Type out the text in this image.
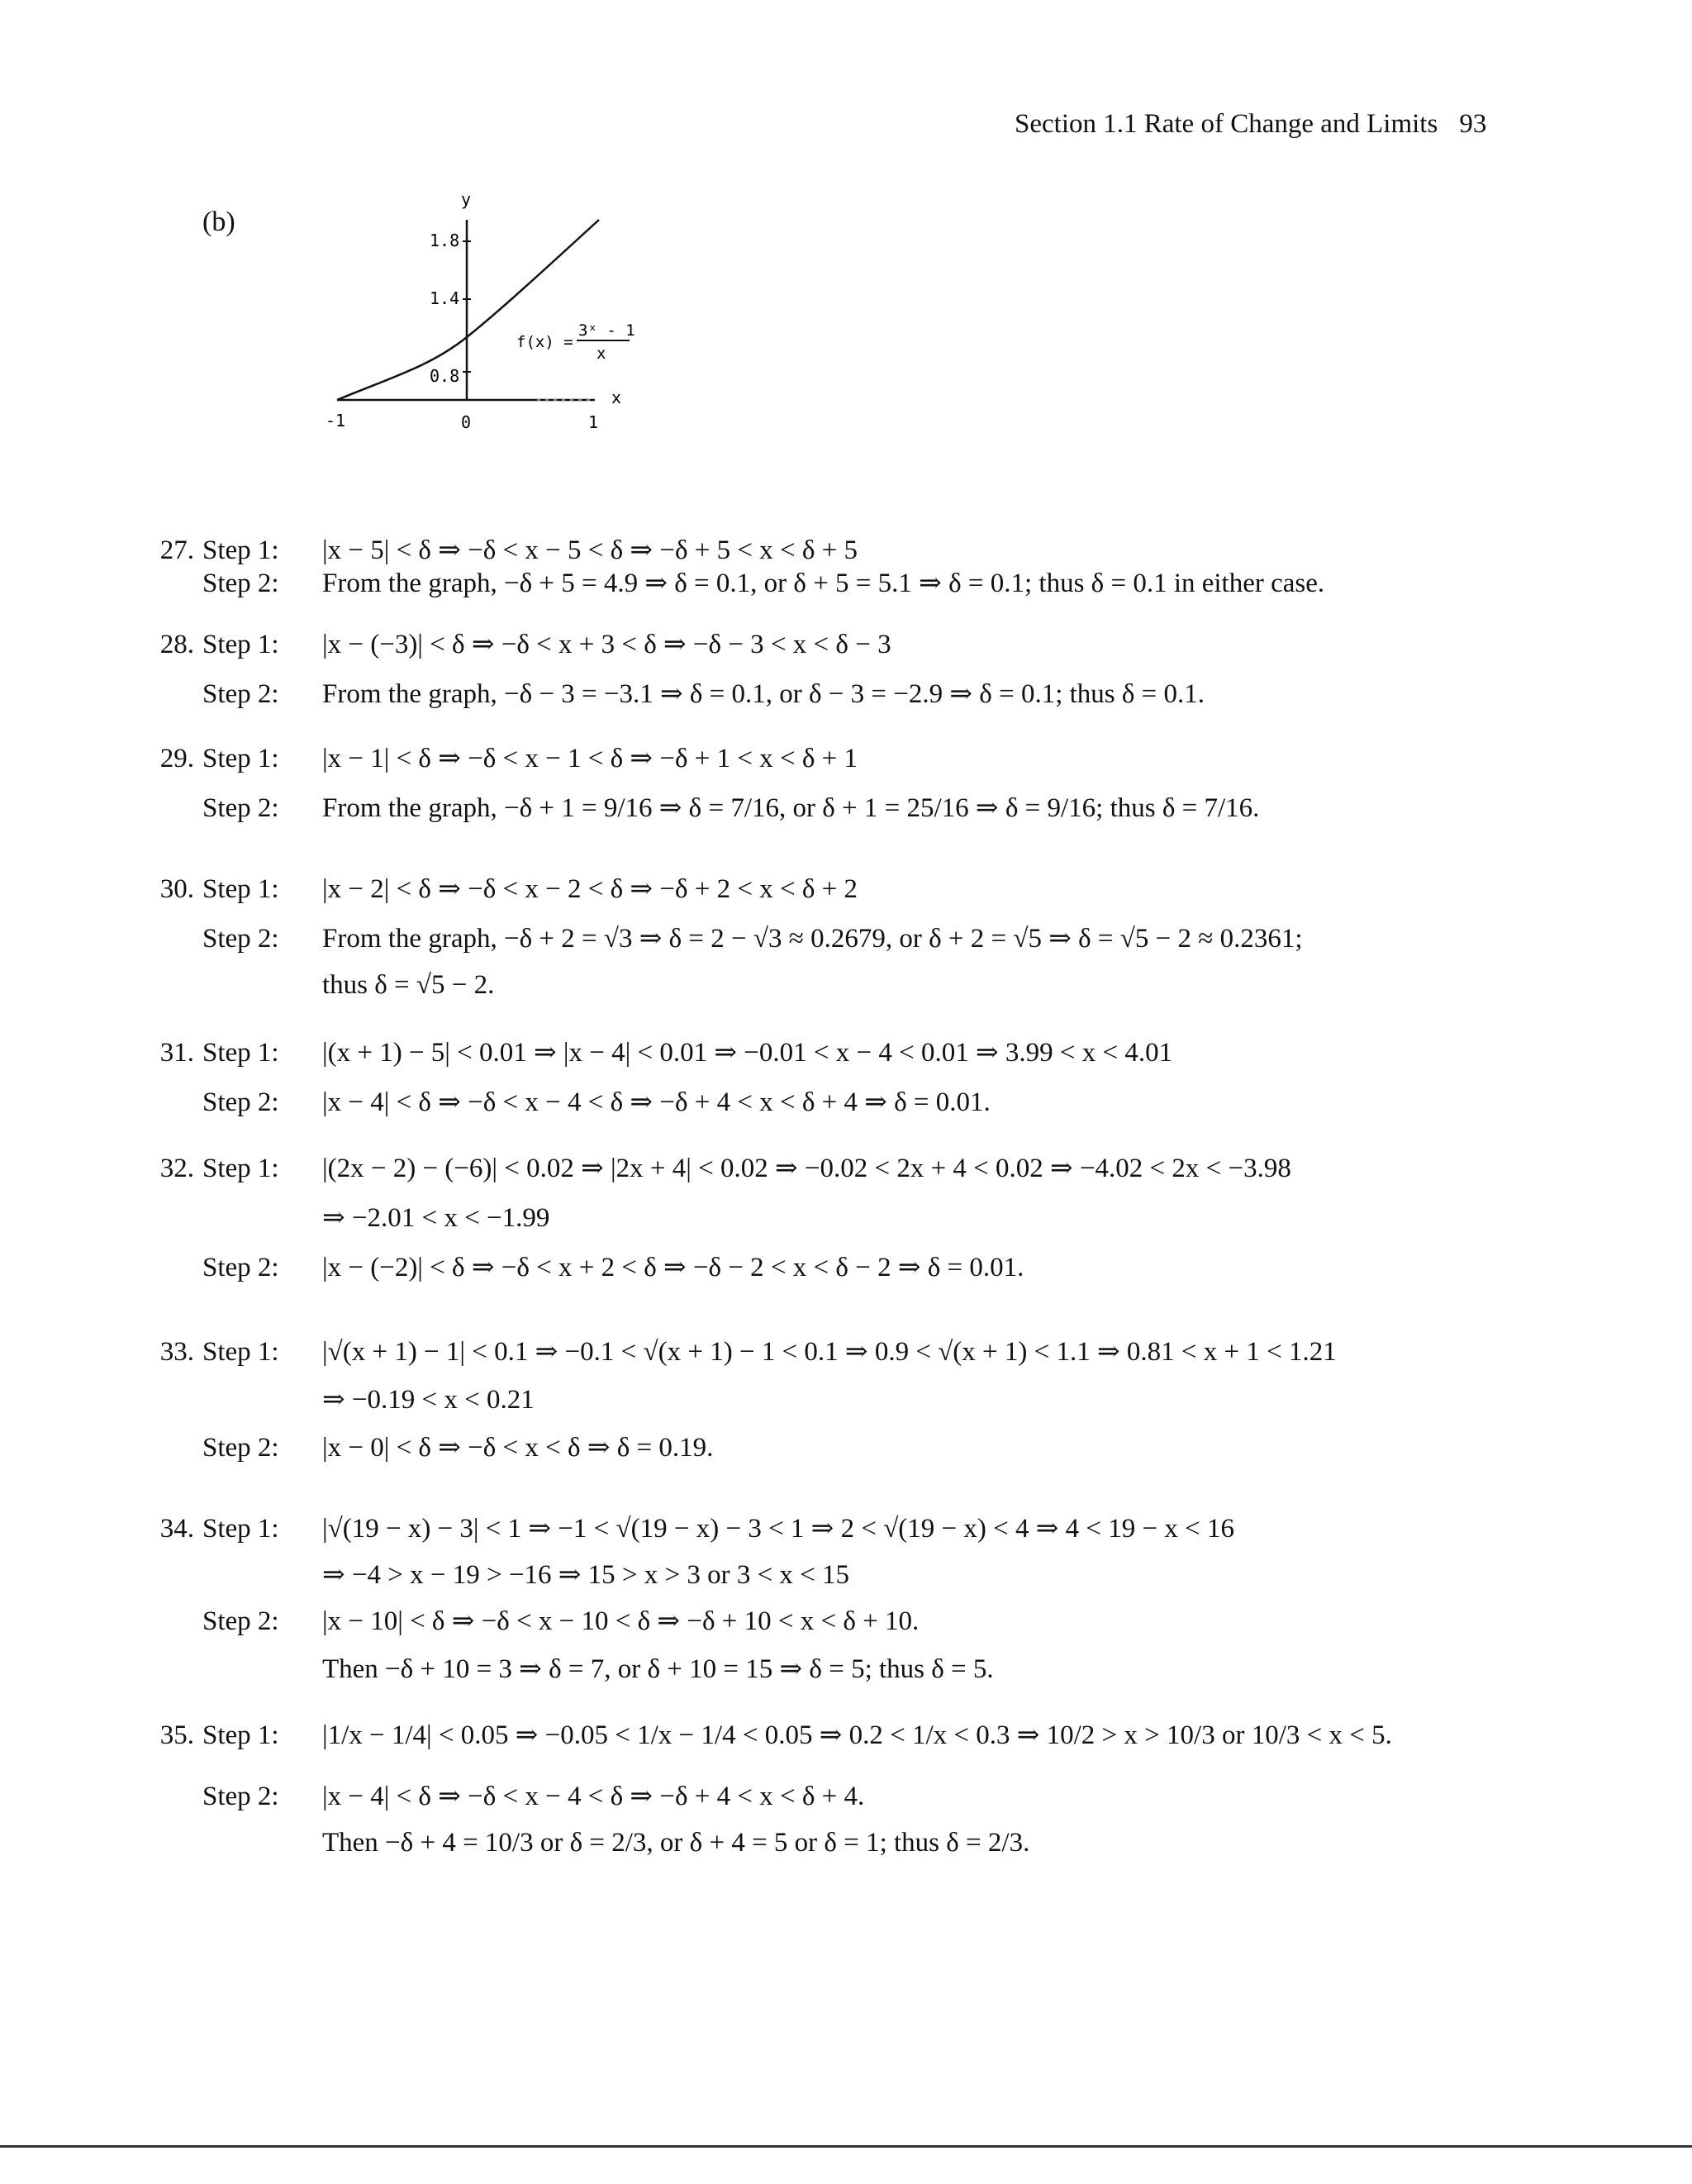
Section 1.1 Rate of Change and Limits 93
(b)
y
1.8
1.4
0.8
x
-1	0	1
f(x) =
3ˣ - 1
x
27. Step 1: |x − 5| < δ ⇒ −δ < x − 5 < δ ⇒ −δ + 5 < x < δ + 5
Step 2: From the graph, −δ + 5 = 4.9 ⇒ δ = 0.1, or δ + 5 = 5.1 ⇒ δ = 0.1; thus δ = 0.1 in either case.
28. Step 1: |x − (−3)| < δ ⇒ −δ < x + 3 < δ ⇒ −δ − 3 < x < δ − 3
Step 2: From the graph, −δ − 3 = −3.1 ⇒ δ = 0.1, or δ − 3 = −2.9 ⇒ δ = 0.1; thus δ = 0.1.
29. Step 1: |x − 1| < δ ⇒ −δ < x − 1 < δ ⇒ −δ + 1 < x < δ + 1
Step 2: From the graph, −δ + 1 = 9/16 ⇒ δ = 7/16, or δ + 1 = 25/16 ⇒ δ = 9/16; thus δ = 7/16.
30. Step 1: |x − 2| < δ ⇒ −δ < x − 2 < δ ⇒ −δ + 2 < x < δ + 2
Step 2: From the graph, −δ + 2 = √3 ⇒ δ = 2 − √3 ≈ 0.2679, or δ + 2 = √5 ⇒ δ = √5 − 2 ≈ 0.2361;
thus δ = √5 − 2.
31. Step 1: |(x + 1) − 5| < 0.01 ⇒ |x − 4| < 0.01 ⇒ −0.01 < x − 4 < 0.01 ⇒ 3.99 < x < 4.01
Step 2: |x − 4| < δ ⇒ −δ < x − 4 < δ ⇒ −δ + 4 < x < δ + 4 ⇒ δ = 0.01.
32. Step 1: |(2x − 2) − (−6)| < 0.02 ⇒ |2x + 4| < 0.02 ⇒ −0.02 < 2x + 4 < 0.02 ⇒ −4.02 < 2x < −3.98
⇒ −2.01 < x < −1.99
Step 2: |x − (−2)| < δ ⇒ −δ < x + 2 < δ ⇒ −δ − 2 < x < δ − 2 ⇒ δ = 0.01.
33. Step 1: |√(x + 1) − 1| < 0.1 ⇒ −0.1 < √(x + 1) − 1 < 0.1 ⇒ 0.9 < √(x + 1) < 1.1 ⇒ 0.81 < x + 1 < 1.21
⇒ −0.19 < x < 0.21
Step 2: |x − 0| < δ ⇒ −δ < x < δ ⇒ δ = 0.19.
34. Step 1: |√(19 − x) − 3| < 1 ⇒ −1 < √(19 − x) − 3 < 1 ⇒ 2 < √(19 − x) < 4 ⇒ 4 < 19 − x < 16
⇒ −4 > x − 19 > −16 ⇒ 15 > x > 3 or 3 < x < 15
Step 2: |x − 10| < δ ⇒ −δ < x − 10 < δ ⇒ −δ + 10 < x < δ + 10.
Then −δ + 10 = 3 ⇒ δ = 7, or δ + 10 = 15 ⇒ δ = 5; thus δ = 5.
35. Step 1: |1/x − 1/4| < 0.05 ⇒ −0.05 < 1/x − 1/4 < 0.05 ⇒ 0.2 < 1/x < 0.3 ⇒ 10/2 > x > 10/3 or 10/3 < x < 5.
Step 2: |x − 4| < δ ⇒ −δ < x − 4 < δ ⇒ −δ + 4 < x < δ + 4.
Then −δ + 4 = 10/3 or δ = 2/3, or δ + 4 = 5 or δ = 1; thus δ = 2/3.
